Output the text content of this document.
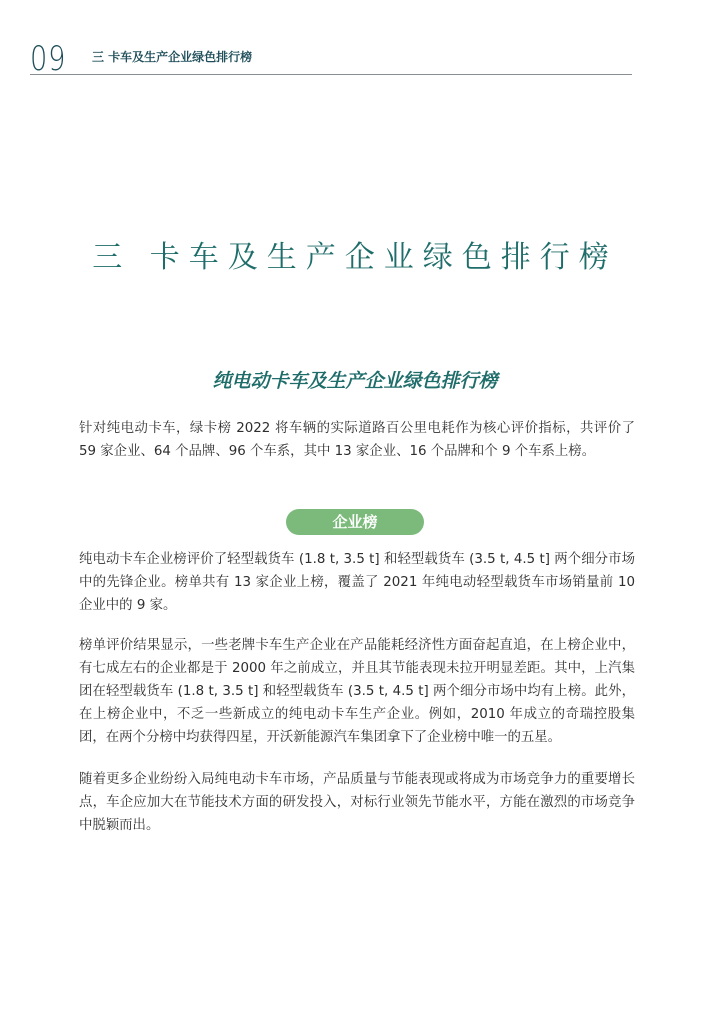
09 三 卡车及生产企业绿色排行榜
三 卡车及生产企业绿色排行榜
纯电动卡车及生产企业绿色排行榜

针对纯电动卡车，绿卡榜 2022 将车辆的实际道路百公里电耗作为核心评价指标，共评价了 59 家企业、64 个品牌、96 个车系，其中 13 家企业、16 个品牌和个 9 个车系上榜。

企业榜

纯电动卡车企业榜评价了轻型载货车 (1.8 t, 3.5 t] 和轻型载货车 (3.5 t, 4.5 t] 两个细分市场中的先锋企业。榜单共有 13 家企业上榜，覆盖了 2021 年纯电动轻型载货车市场销量前 10 企业中的 9 家。

榜单评价结果显示，一些老牌卡车生产企业在产品能耗经济性方面奋起直追，在上榜企业中，有七成左右的企业都是于 2000 年之前成立，并且其节能表现未拉开明显差距。其中，上汽集团在轻型载货车 (1.8 t, 3.5 t] 和轻型载货车 (3.5 t, 4.5 t] 两个细分市场中均有上榜。此外，在上榜企业中，不乏一些新成立的纯电动卡车生产企业。例如，2010 年成立的奇瑞控股集团，在两个分榜中均获得四星，开沃新能源汽车集团拿下了企业榜中唯一的五星。

随着更多企业纷纷入局纯电动卡车市场，产品质量与节能表现或将成为市场竞争力的重要增长点，车企应加大在节能技术方面的研发投入，对标行业领先节能水平，方能在激烈的市场竞争中脱颖而出。
